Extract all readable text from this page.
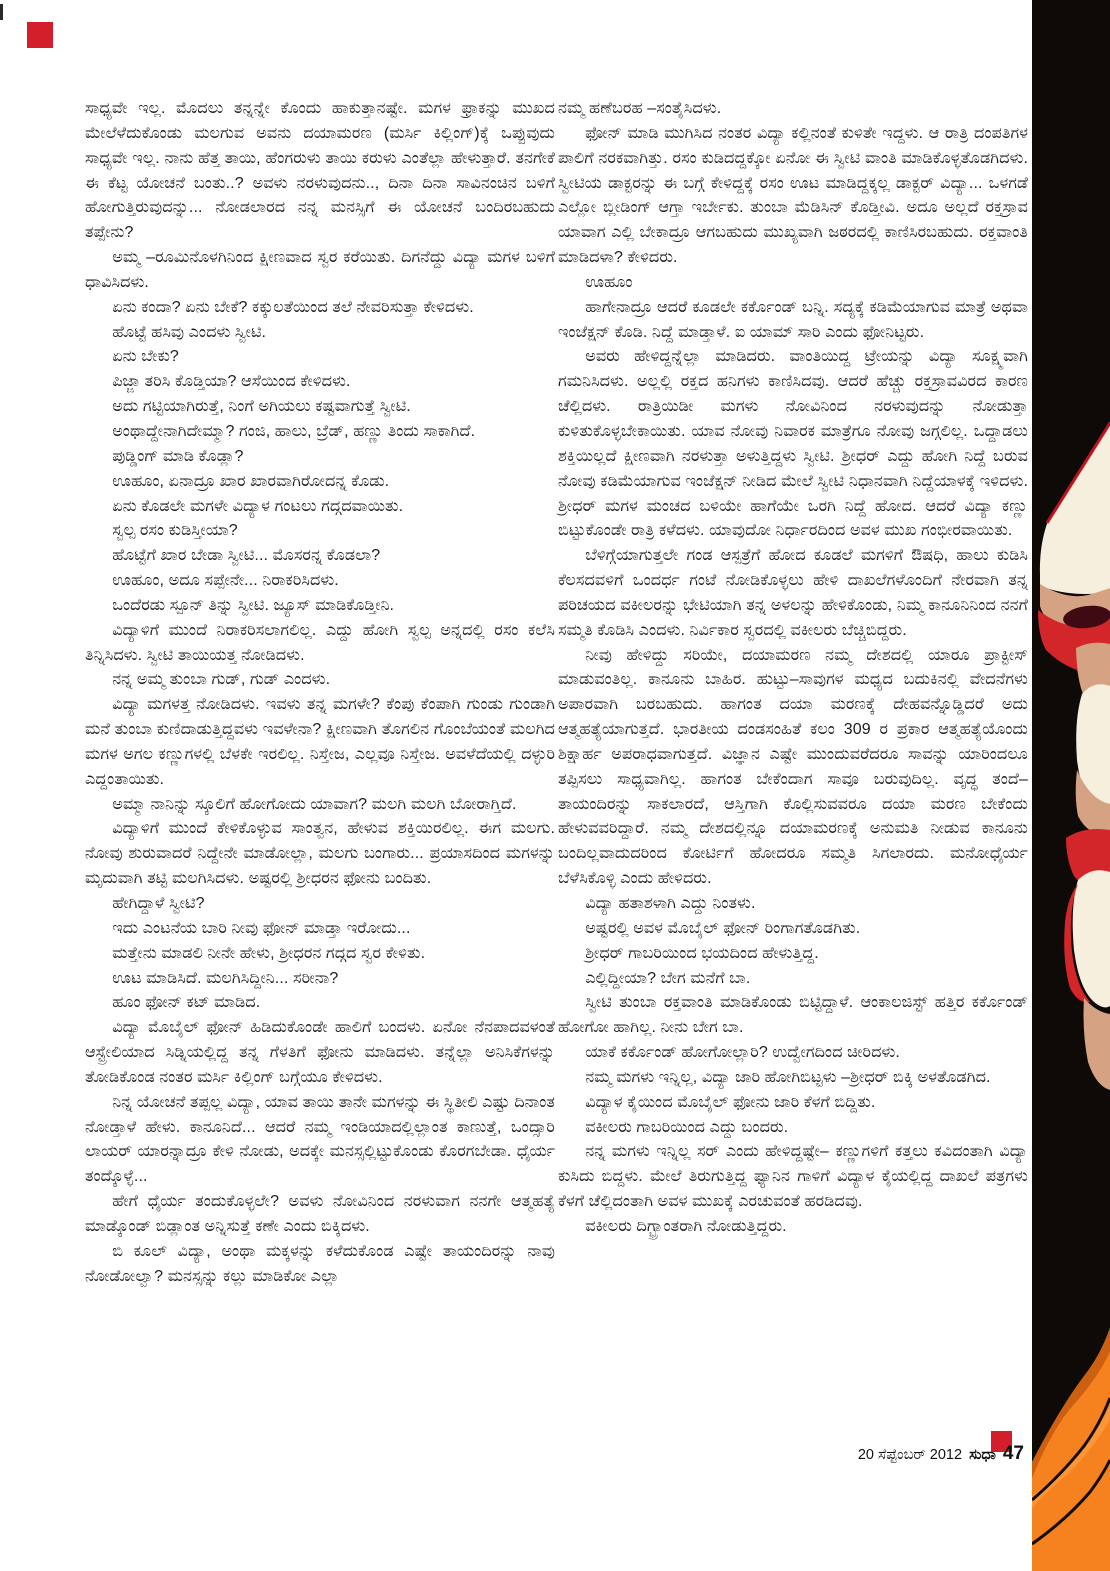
ಸಾಧ್ಯವೇ ಇಲ್ಲ. ಮೊದಲು ತನ್ನನ್ನೇ ಕೊಂದು ಹಾಕುತ್ತಾನಷ್ಟೇ. ಮಗಳ ಫ್ರಾಕನ್ನು ಮುಖದ ಮೇಲೆಳೆದುಕೊಂಡು ಮಲಗುವ ಅವನು ದಯಾಮರಣ (ಮರ್ಸಿ ಕಿಲ್ಲಿಂಗ್)ಕ್ಕೆ ಒಪ್ಪುವುದು ಸಾಧ್ಯವೇ ಇಲ್ಲ. ನಾನು ಹೆತ್ತ ತಾಯಿ, ಹೆಂಗರುಳು ತಾಯಿ ಕರುಳು ಎಂತೆಲ್ಲಾ ಹೇಳುತ್ತಾರೆ. ತನಗೇಕೆ ಈ ಕೆಟ್ಟ ಯೋಚನೆ ಬಂತು..? ಅವಳು ನರಳುವುದನು.., ದಿನಾ ದಿನಾ ಸಾವಿನಂಚಿನ ಬಳಿಗೆ ಹೋಗುತ್ತಿರುವುದನ್ನು... ನೋಡಲಾರದ ನನ್ನ ಮನಸ್ಸಿಗೆ ಈ ಯೋಚನೆ ಬಂದಿರಬಹುದು ತಪ್ಪೇನು?

ಅಮ್ಮ –ರೂಮಿನೊಳಗಿನಿಂದ ಕ್ಷೀಣವಾದ ಸ್ವರ ಕರೆಯಿತು. ದಿಗನೆದ್ದು ವಿದ್ಯಾ ಮಗಳ ಬಳಿಗೆ ಧಾವಿಸಿದಳು.

ಏನು ಕಂದಾ? ಏನು ಬೇಕೆ? ಕಕ್ಕುಲತೆಯಿಂದ ತಲೆ ನೇವರಿಸುತ್ತಾ ಕೇಳಿದಳು.

ಹೊಟ್ಟೆ ಹಸಿವು ಎಂದಳು ಸ್ವೀಟಿ.

ಏನು ಬೇಕು?

ಪಿಜ್ಜಾ ತರಿಸಿ ಕೊಡ್ತಿಯಾ? ಆಸೆಯಿಂದ ಕೇಳಿದಳು.

ಅದು ಗಟ್ಟಿಯಾಗಿರುತ್ತೆ, ನಿಂಗೆ ಅಗಿಯಲು ಕಷ್ಟವಾಗುತ್ತೆ ಸ್ವೀಟಿ.

ಅಂಥಾದ್ದೇನಾಗಿದೇಮ್ಮಾ? ಗಂಜಿ, ಹಾಲು, ಬ್ರೆಡ್, ಹಣ್ಣು ತಿಂದು ಸಾಕಾಗಿದೆ.

ಪುಡ್ಡಿಂಗ್ ಮಾಡಿ ಕೊಡ್ಲಾ?

ಊಹೂಂ, ಏನಾದ್ರೂ ಖಾರ ಖಾರವಾಗಿರೋದನ್ನ ಕೊಡು.

ಏನು ಕೊಡಲೇ ಮಗಳೇ ವಿದ್ಯಾಳ ಗಂಟಲು ಗದ್ಗದವಾಯಿತು.

ಸ್ವಲ್ಪ ರಸಂ ಕುಡಿಸ್ತೀಯಾ?

ಹೊಟ್ಟೆಗೆ ಖಾರ ಬೇಡಾ ಸ್ವೀಟಿ... ಮೊಸರನ್ನ ಕೊಡಲಾ?

ಊಹೂಂ, ಅದೂ ಸಪ್ಪೇನೇ... ನಿರಾಕರಿಸಿದಳು.

ಒಂದೆರಡು ಸ್ಪೂನ್ ತಿನ್ನು ಸ್ವೀಟಿ. ಜ್ಯೂಸ್ ಮಾಡಿಕೊಡ್ತೀನಿ.

ವಿದ್ಯಾಳಿಗೆ ಮುಂದೆ ನಿರಾಕರಿಸಲಾಗಲಿಲ್ಲ. ಎದ್ದು ಹೋಗಿ ಸ್ವಲ್ಪ ಅನ್ನದಲ್ಲಿ ರಸಂ ಕಲೆಸಿ ತಿನ್ನಿಸಿದಳು. ಸ್ವೀಟಿ ತಾಯಿಯತ್ತ ನೋಡಿದಳು.

ನನ್ನ ಅಮ್ಮ ತುಂಬಾ ಗುಡ್, ಗುಡ್ ಎಂದಳು.

ವಿದ್ಯಾ ಮಗಳತ್ತ ನೋಡಿದಳು. ಇವಳು ತನ್ನ ಮಗಳೇ? ಕೆಂಪು ಕೆಂಪಾಗಿ ಗುಂಡು ಗುಂಡಾಗಿ ಮನೆ ತುಂಬಾ ಕುಣಿದಾಡುತ್ತಿದ್ದವಳು ಇವಳೇನಾ? ಕ್ಷೀಣವಾಗಿ ತೊಗಲಿನ ಗೊಂಬೆಯಂತೆ ಮಲಗಿದ ಮಗಳ ಅಗಲ ಕಣ್ಣುಗಳಲ್ಲಿ ಬೆಳಕೇ ಇರಲಿಲ್ಲ. ನಿಸ್ತೇಜ, ಎಲ್ಲವೂ ನಿಸ್ತೇಜ. ಅವಳೆದೆಯಲ್ಲಿ ದಳ್ಳುರಿ ಎದ್ದಂತಾಯಿತು.

ಅಮ್ಮಾ ನಾನಿನ್ನು ಸ್ಕೂಲಿಗೆ ಹೋಗೋದು ಯಾವಾಗ? ಮಲಗಿ ಮಲಗಿ ಬೋರಾಗ್ತಿದೆ.

ವಿದ್ಯಾಳಿಗೆ ಮುಂದೆ ಕೇಳಿಕೊಳ್ಳುವ ಸಾಂತ್ವನ, ಹೇಳುವ ಶಕ್ತಿಯಿರಲಿಲ್ಲ. ಈಗ ಮಲಗು. ನೋವು ಶುರುವಾದರೆ ನಿದ್ದೇನೇ ಮಾಡೋಲ್ಲಾ, ಮಲಗು ಬಂಗಾರು... ಪ್ರಯಾಸದಿಂದ ಮಗಳನ್ನು ಮೃದುವಾಗಿ ತಟ್ಟಿ ಮಲಗಿಸಿದಳು. ಅಷ್ಟರಲ್ಲಿ ಶ್ರೀಧರನ ಫೋನು ಬಂದಿತು.

ಹೇಗಿದ್ದಾಳೆ ಸ್ವೀಟಿ?

ಇದು ಎಂಟನೆಯ ಬಾರಿ ನೀವು ಫೋನ್ ಮಾಡ್ತಾ ಇರೋದು...

ಮತ್ತೇನು ಮಾಡಲಿ ನೀನೇ ಹೇಳು, ಶ್ರೀಧರನ ಗದ್ಗದ ಸ್ವರ ಕೇಳಿತು.

ಊಟ ಮಾಡಿಸಿದೆ. ಮಲಗಿಸಿದ್ದೀನಿ... ಸರೀನಾ?

ಹೂಂ ಫೋನ್ ಕಟ್ ಮಾಡಿದ.

ವಿದ್ಯಾ ಮೊಬೈಲ್ ಫೋನ್ ಹಿಡಿದುಕೊಂಡೇ ಹಾಲಿಗೆ ಬಂದಳು. ಏನೋ ನೆನಪಾದವಳಂತೆ ಆಸ್ಟ್ರೇಲಿಯಾದ ಸಿಡ್ನಿಯಲ್ಲಿದ್ದ ತನ್ನ ಗೆಳತಿಗೆ ಫೋನು ಮಾಡಿದಳು. ತನ್ನೆಲ್ಲಾ ಅನಿಸಿಕೆಗಳನ್ನು ತೋಡಿಕೊಂಡ ನಂತರ ಮರ್ಸಿ ಕಿಲ್ಲಿಂಗ್ ಬಗ್ಗೆಯೂ ಕೇಳಿದಳು.

ನಿನ್ನ ಯೋಚನೆ ತಪ್ಪಲ್ಲ ವಿದ್ಯಾ, ಯಾವ ತಾಯಿ ತಾನೇ ಮಗಳನ್ನು ಈ ಸ್ಥಿತೀಲಿ ಎಷ್ಟು ದಿನಾಂತ ನೋಡ್ತಾಳೆ ಹೇಳು. ಕಾನೂನಿದೆ... ಆದರೆ ನಮ್ಮ ಇಂಡಿಯಾದಲ್ಲಿಲ್ಲಾಂತ ಕಾಣುತ್ತೆ, ಒಂದ್ಸಾರಿ ಲಾಯರ್ ಯಾರನ್ನಾದ್ರೂ ಕೇಳಿ ನೋಡು, ಅದಕ್ಕೇ ಮನಸ್ಸಲ್ಲಿಟ್ಟುಕೊಂಡು ಕೊರಗಬೇಡಾ. ಧೈರ್ಯ ತಂದ್ಕೊಳ್ಳೆ...

ಹೇಗೆ ಧೈರ್ಯ ತಂದುಕೊಳ್ಳಲೇ? ಅವಳು ನೋವಿನಿಂದ ನರಳುವಾಗ ನನಗೇ ಆತ್ಮಹತ್ಯೆ ಮಾಡ್ಕೊಂಡ್ ಬಿಡ್ಲಾಂತ ಅನ್ನಿಸುತ್ತೆ ಕಣೇ ಎಂದು ಬಿಕ್ಕಿದಳು.

ಬಿ ಕೂಲ್ ವಿದ್ಯಾ, ಅಂಥಾ ಮಕ್ಕಳನ್ನು ಕಳೆದುಕೊಂಡ ಎಷ್ಟೇ ತಾಯಂದಿರನ್ನು ನಾವು ನೋಡೋಲ್ವಾ? ಮನಸ್ಸನ್ನು ಕಲ್ಲು ಮಾಡಿಕೋ ಎಲ್ಲಾ

ನಮ್ಮ ಹಣೆಬರಹ –ಸಂತೈಸಿದಳು.

ಫೋನ್ ಮಾಡಿ ಮುಗಿಸಿದ ನಂತರ ವಿದ್ಯಾ ಕಲ್ಲಿನಂತೆ ಕುಳಿತೇ ಇದ್ದಳು. ಆ ರಾತ್ರಿ ದಂಪತಿಗಳ ಪಾಲಿಗೆ ನರಕವಾಗಿತ್ತು. ರಸಂ ಕುಡಿದದ್ದಕ್ಕೋ ಏನೋ ಈ ಸ್ವೀಟಿ ವಾಂತಿ ಮಾಡಿಕೊಳ್ಳತೊಡಗಿದಳು. ಸ್ವೀಟಿಯ ಡಾಕ್ಟರನ್ನು ಈ ಬಗ್ಗೆ ಕೇಳಿದ್ದಕ್ಕೆ ರಸಂ ಊಟ ಮಾಡಿದ್ದಕ್ಕಲ್ಲ ಡಾಕ್ಟರ್ ವಿದ್ಯಾ... ಒಳಗಡೆ ಎಲ್ಲೋ ಬ್ಲೀಡಿಂಗ್ ಆಗ್ತಾ ಇರ್ಬೇಕು. ತುಂಬಾ ಮೆಡಿಸಿನ್ ಕೊಡ್ತೀವಿ. ಅದೂ ಅಲ್ಲದೆ ರಕ್ತಸ್ರಾವ ಯಾವಾಗ ಎಲ್ಲಿ ಬೇಕಾದ್ರೂ ಆಗಬಹುದು ಮುಖ್ಯವಾಗಿ ಜಠರದಲ್ಲಿ ಕಾಣಿಸಿರಬಹುದು. ರಕ್ತವಾಂತಿ ಮಾಡಿದಳಾ? ಕೇಳಿದರು.

ಊಹೂಂ

ಹಾಗೇನಾದ್ರೂ ಆದರೆ ಕೂಡಲೇ ಕರ್ಕೊಂಡ್ ಬನ್ನಿ. ಸದ್ಯಕ್ಕೆ ಕಡಿಮೆಯಾಗುವ ಮಾತ್ರೆ ಅಥವಾ ಇಂಜೆಕ್ಷನ್ ಕೊಡಿ. ನಿದ್ದೆ ಮಾಡ್ತಾಳೆ. ಐ ಯಾಮ್ ಸಾರಿ ಎಂದು ಫೋನಿಟ್ಟರು.

ಅವರು ಹೇಳಿದ್ದನ್ನೆಲ್ಲಾ ಮಾಡಿದರು. ವಾಂತಿಯಿದ್ದ ಟ್ರೇಯನ್ನು ವಿದ್ಯಾ ಸೂಕ್ಷ್ಮವಾಗಿ ಗಮನಿಸಿದಳು. ಅಲ್ಲಲ್ಲಿ ರಕ್ತದ ಹನಿಗಳು ಕಾಣಿಸಿದವು. ಆದರೆ ಹೆಚ್ಚು ರಕ್ತಸ್ರಾವವಿರದ ಕಾರಣ ಚೆಲ್ಲಿದಳು. ರಾತ್ರಿಯಿಡೀ ಮಗಳು ನೋವಿನಿಂದ ನರಳುವುದನ್ನು ನೋಡುತ್ತಾ ಕುಳಿತುಕೊಳ್ಳಬೇಕಾಯಿತು. ಯಾವ ನೋವು ನಿವಾರಕ ಮಾತ್ರೆಗೂ ನೋವು ಜಗ್ಗಲಿಲ್ಲ. ಒದ್ದಾಡಲು ಶಕ್ತಿಯಿಲ್ಲದೆ ಕ್ಷೀಣವಾಗಿ ನರಳುತ್ತಾ ಅಳುತ್ತಿದ್ದಳು ಸ್ವೀಟಿ. ಶ್ರೀಧರ್ ಎದ್ದು ಹೋಗಿ ನಿದ್ದೆ ಬರುವ ನೋವು ಕಡಿಮೆಯಾಗುವ ಇಂಜೆಕ್ಷನ್ ನೀಡಿದ ಮೇಲೆ ಸ್ವೀಟಿ ನಿಧಾನವಾಗಿ ನಿದ್ದೆಯಾಳಕ್ಕೆ ಇಳಿದಳು. ಶ್ರೀಧರ್ ಮಗಳ ಮಂಚದ ಬಳಿಯೇ ಹಾಗೆಯೇ ಒರಗಿ ನಿದ್ದೆ ಹೋದ. ಆದರೆ ವಿದ್ಯಾ ಕಣ್ಣು ಬಿಟ್ಟುಕೊಂಡೇ ರಾತ್ರಿ ಕಳೆದಳು. ಯಾವುದೋ ನಿರ್ಧಾರದಿಂದ ಅವಳ ಮುಖ ಗಂಭೀರವಾಯಿತು.

ಬೆಳಿಗ್ಗೆಯಾಗುತ್ತಲೇ ಗಂಡ ಆಸ್ಪತ್ರೆಗೆ ಹೋದ ಕೂಡಲೆ ಮಗಳಿಗೆ ಔಷಧಿ, ಹಾಲು ಕುಡಿಸಿ ಕೆಲಸದವಳಿಗೆ ಒಂದರ್ಧ ಗಂಟೆ ನೋಡಿಕೊಳ್ಳಲು ಹೇಳಿ ದಾಖಲೆಗಳೊಂದಿಗೆ ನೇರವಾಗಿ ತನ್ನ ಪರಿಚಯದ ವಕೀಲರನ್ನು ಭೇಟಿಯಾಗಿ ತನ್ನ ಅಳಲನ್ನು ಹೇಳಿಕೊಂಡು, ನಿಮ್ಮ ಕಾನೂನಿನಿಂದ ನನಗೆ ಸಮ್ಮತಿ ಕೊಡಿಸಿ ಎಂದಳು. ನಿರ್ವಿಕಾರ ಸ್ವರದಲ್ಲಿ ವಕೀಲರು ಬೆಚ್ಚಿಬಿದ್ದರು.

ನೀವು ಹೇಳಿದ್ದು ಸರಿಯೇ, ದಯಾಮರಣ ನಮ್ಮ ದೇಶದಲ್ಲಿ ಯಾರೂ ಪ್ರಾಕ್ಟೀಸ್ ಮಾಡುವಂತಿಲ್ಲ. ಕಾನೂನು ಬಾಹಿರ. ಹುಟ್ಟು–ಸಾವುಗಳ ಮಧ್ಯದ ಬದುಕಿನಲ್ಲಿ ವೇದನೆಗಳು ಅಪಾರವಾಗಿ ಬರಬಹುದು. ಹಾಗಂತ ದಯಾ ಮರಣಕ್ಕೆ ದೇಹವನ್ನೊಡ್ಡಿದರೆ ಅದು ಆತ್ಮಹತ್ಯೆಯಾಗುತ್ತದೆ. ಭಾರತೀಯ ದಂಡಸಂಹಿತೆ ಕಲಂ 309 ರ ಪ್ರಕಾರ ಆತ್ಮಹತ್ಯೆಯೊಂದು ಶಿಕ್ಷಾರ್ಹ ಅಪರಾಧವಾಗುತ್ತದೆ. ವಿಜ್ಞಾನ ಎಷ್ಟೇ ಮುಂದುವರೆದರೂ ಸಾವನ್ನು ಯಾರಿಂದಲೂ ತಪ್ಪಿಸಲು ಸಾಧ್ಯವಾಗಿಲ್ಲ. ಹಾಗಂತ ಬೇಕೆಂದಾಗ ಸಾವೂ ಬರುವುದಿಲ್ಲ. ವೃದ್ಧ ತಂದೆ–ತಾಯಂದಿರನ್ನು ಸಾಕಲಾರದೆ, ಆಸ್ತಿಗಾಗಿ ಕೊಲ್ಲಿಸುವವರೂ ದಯಾ ಮರಣ ಬೇಕೆಂದು ಹೇಳುವವರಿದ್ದಾರೆ. ನಮ್ಮ ದೇಶದಲ್ಲಿನ್ನೂ ದಯಾಮರಣಕ್ಕೆ ಅನುಮತಿ ನೀಡುವ ಕಾನೂನು ಬಂದಿಲ್ಲವಾದುದರಿಂದ ಕೋರ್ಟಿಗೆ ಹೋದರೂ ಸಮ್ಮತಿ ಸಿಗಲಾರದು. ಮನೋಧೈರ್ಯ ಬೆಳೆಸಿಕೊಳ್ಳಿ ಎಂದು ಹೇಳಿದರು.

ವಿದ್ಯಾ ಹತಾಶಳಾಗಿ ಎದ್ದು ನಿಂತಳು.

ಅಷ್ಟರಲ್ಲಿ ಅವಳ ಮೊಬೈಲ್ ಫೋನ್ ರಿಂಗಾಗತೊಡಗಿತು.

ಶ್ರೀಧರ್ ಗಾಬರಿಯಿಂದ ಭಯದಿಂದ ಹೇಳುತ್ತಿದ್ದ.

ಎಲ್ಲಿದ್ದೀಯಾ? ಬೇಗ ಮನೆಗೆ ಬಾ.

ಸ್ವೀಟಿ ತುಂಬಾ ರಕ್ತವಾಂತಿ ಮಾಡಿಕೊಂಡು ಬಿಟ್ಟಿದ್ದಾಳೆ. ಆಂಕಾಲಜಿಸ್ಟ್ ಹತ್ತಿರ ಕರ್ಕೊಂಡ್ ಹೋಗೋ ಹಾಗಿಲ್ಲ. ನೀನು ಬೇಗ ಬಾ.

ಯಾಕೆ ಕರ್ಕೊಂಡ್ ಹೋಗೋಲ್ಲಾರಿ? ಉದ್ವೇಗದಿಂದ ಚೀರಿದಳು.

ನಮ್ಮ ಮಗಳು ಇನ್ನಿಲ್ಲ, ವಿದ್ಯಾ ಜಾರಿ ಹೋಗಿಬಿಟ್ಟಳು –ಶ್ರೀಧರ್ ಬಿಕ್ಕಿ ಅಳತೊಡಗಿದ.

ವಿದ್ಯಾಳ ಕೈಯಿಂದ ಮೊಬೈಲ್ ಫೋನು ಜಾರಿ ಕೆಳಗೆ ಬಿದ್ದಿತು.

ವಕೀಲರು ಗಾಬರಿಯಿಂದ ಎದ್ದು ಬಂದರು.

ನನ್ನ ಮಗಳು ಇನ್ನಿಲ್ಲ ಸರ್ ಎಂದು ಹೇಳಿದ್ದಷ್ಟೇ– ಕಣ್ಣುಗಳಿಗೆ ಕತ್ತಲು ಕವಿದಂತಾಗಿ ವಿದ್ಯಾ ಕುಸಿದು ಬಿದ್ದಳು. ಮೇಲೆ ತಿರುಗುತ್ತಿದ್ದ ಫ್ಯಾನಿನ ಗಾಳಿಗೆ ವಿದ್ಯಾಳ ಕೈಯಲ್ಲಿದ್ದ ದಾಖಲೆ ಪತ್ರಗಳು ಕೆಳಗೆ ಚೆಲ್ಲಿದಂತಾಗಿ ಅವಳ ಮುಖಕ್ಕೆ ಎರಚುವಂತೆ ಹರಡಿದವು.

ವಕೀಲರು ದಿಗ್ಭ್ರಾಂತರಾಗಿ ನೋಡುತ್ತಿದ್ದರು.

20 ಸೆಪ್ಟೆಂಬರ್ 2012 ಸುಧಾ 47
